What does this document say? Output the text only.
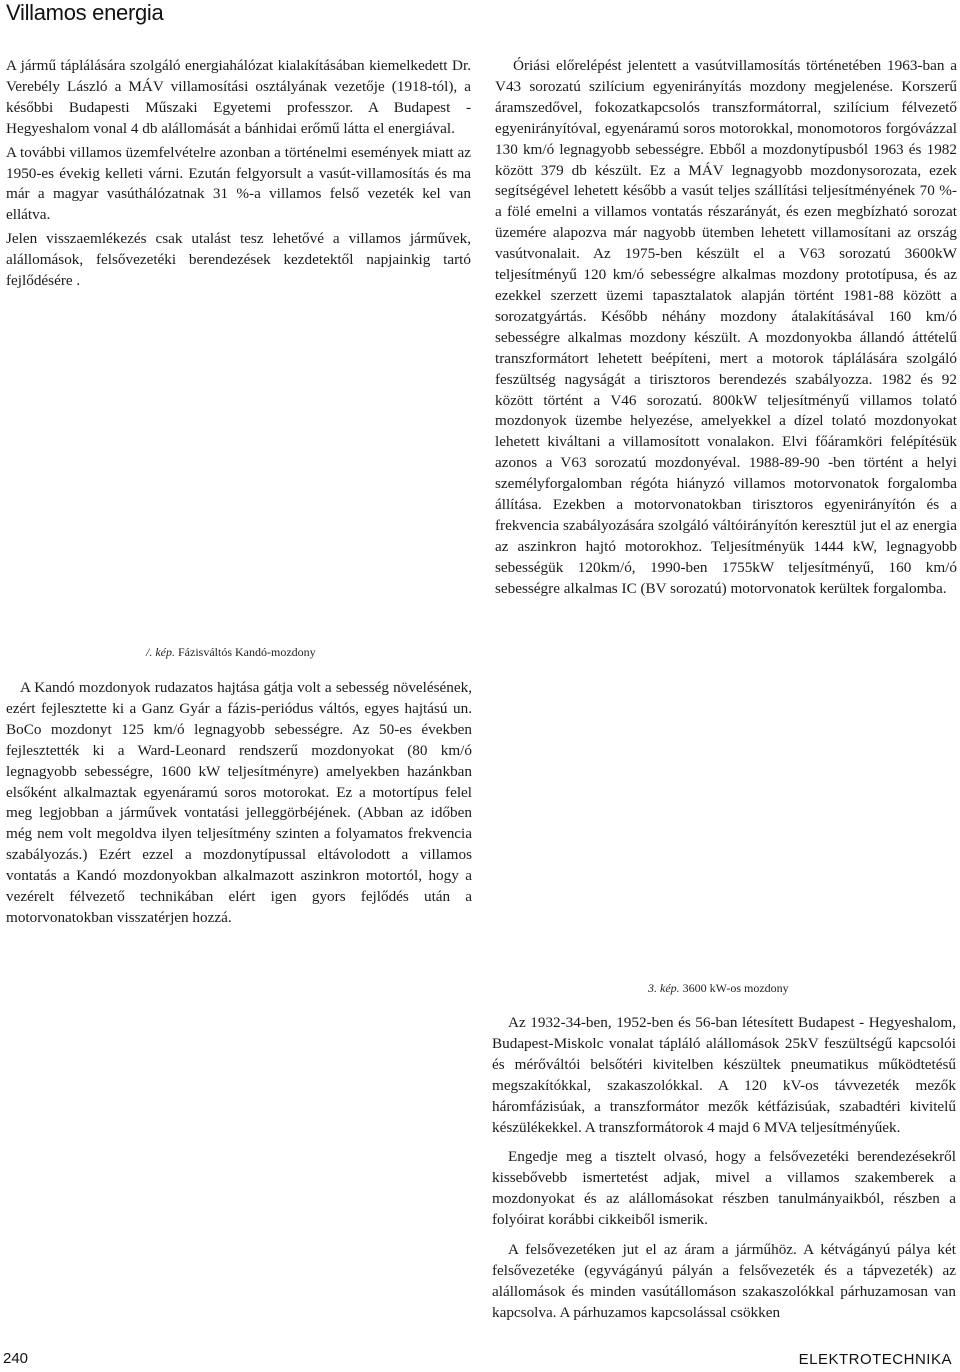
Villamos energia

A jármű táplálására szolgáló energiahálózat kialakításában kiemelkedett Dr. Verebély László a MÁV villamosítási osztályának vezetője (1918-tól), a későbbi Budapesti Műszaki Egyetemi professzor. A Budapest - Hegyeshalom vonal 4 db alállomását a bánhidai erőmű látta el energiával.

A további villamos üzemfelvételre azonban a történelmi események miatt az 1950-es évekig kelleti várni. Ezután felgyorsult a vasút-villamosítás és ma már a magyar vasúthálózatnak 31 %-a villamos felső vezeték kel van ellátva.

Jelen visszaemlékezés csak utalást tesz lehetővé a villamos járművek, alállomások, felsővezetéki berendezések kezdetektől napjainkig tartó fejlődésére .

Óriási előrelépést jelentett a vasútvillamosítás történetében 1963-ban a V43 sorozatú szilícium egyenirányítás mozdony megjelenése. Korszerű áramszedővel, fokozatkapcsolós transzformátorral, szilícium félvezető egyenirányítóval, egyenáramú soros motorokkal, monomotoros forgóvázzal 130 km/ó legnagyobb sebességre. Ebből a mozdonytípusból 1963 és 1982 között 379 db készült. Ez a MÁV legnagyobb mozdonysorozata, ezek segítségével lehetett később a vasút teljes szállítási teljesítményének 70 %-a fölé emelni a villamos vontatás részarányát, és ezen megbízható sorozat üzemére alapozva már nagyobb ütemben lehetett villamosítani az ország vasútvonalait. Az 1975-ben készült el a V63 sorozatú 3600kW teljesítményű 120 km/ó sebességre alkalmas mozdony prototípusa, és az ezekkel szerzett üzemi tapasztalatok alapján történt 1981-88 között a sorozatgyártás. Később néhány mozdony átalakításával 160 km/ó sebességre alkalmas mozdony készült. A mozdonyokba állandó áttételű transzformátort lehetett beépíteni, mert a motorok táplálására szolgáló feszültség nagyságát a tirisztoros berendezés szabályozza. 1982 és 92 között történt a V46 sorozatú. 800kW teljesítményű villamos tolató mozdonyok üzembe helyezése, amelyekkel a dízel tolató mozdonyokat lehetett kiváltani a villamosított vonalakon. Elvi főáramköri felépítésük azonos a V63 sorozatú mozdonyéval. 1988-89-90 -ben történt a helyi személyforgalomban régóta hiányzó villamos motorvonatok forgalomba állítása. Ezekben a motorvonatokban tirisztoros egyenirányítón és a frekvencia szabályozására szolgáló váltóirányítón keresztül jut el az energia az aszinkron hajtó motorokhoz. Teljesítményük 1444 kW, legnagyobb sebességük 120km/ó, 1990-ben 1755kW teljesítményű, 160 km/ó sebességre alkalmas IC (BV sorozatú) motorvonatok kerültek forgalomba.

/. kép. Fázisváltós Kandó-mozdony

A Kandó mozdonyok rudazatos hajtása gátja volt a sebesség növelésének, ezért fejlesztette ki a Ganz Gyár a fázis-periódus váltós, egyes hajtású un. BoCo mozdonyt 125 km/ó legnagyobb sebességre. Az 50-es években fejlesztették ki a Ward-Leonard rendszerű mozdonyokat (80 km/ó legnagyobb sebességre, 1600 kW teljesítményre) amelyekben hazánkban elsőként alkalmaztak egyenáramú soros motorokat. Ez a motortípus felel meg legjobban a járművek vontatási jelleggörbéjének. (Abban az időben még nem volt megoldva ilyen teljesítmény szinten a folyamatos frekvencia szabályozás.) Ezért ezzel a mozdonytípussal eltávolodott a villamos vontatás a Kandó mozdonyokban alkalmazott aszinkron motortól, hogy a vezérelt félvezető technikában elért igen gyors fejlődés után a motorvonatokban visszatérjen hozzá.

3. kép. 3600 kW-os mozdony

Az 1932-34-ben, 1952-ben és 56-ban létesített Budapest - Hegyeshalom, Budapest-Miskolc vonalat tápláló alállomások 25kV feszültségű kapcsolói és mérőváltói belsőtéri kivitelben készültek pneumatikus működtetésű megszakítókkal, szakaszolókkal. A 120 kV-os távvezeték mezők háromfázisúak, a transzformátor mezők kétfázisúak, szabadtéri kivitelű készülékekkel. A transzformátorok 4 majd 6 MVA teljesítményűek.

Engedje meg a tisztelt olvasó, hogy a felsővezetéki berendezésekről kissebővebb ismertetést adjak, mivel a villamos szakemberek a mozdonyokat és az alállomásokat részben tanulmányaikból, részben a folyóirat korábbi cikkeiből ismerik.

A felsővezetéken jut el az áram a járműhöz. A kétvágányú pálya két felsővezetéke (egyvágányú pályán a felsővezeték és a tápvezeték) az alállomások és minden vasútállomáson szakaszolókkal párhuzamosan van kapcsolva. A párhuzamos kapcsolással csökken

240	ELEKTROTECHNIKA
